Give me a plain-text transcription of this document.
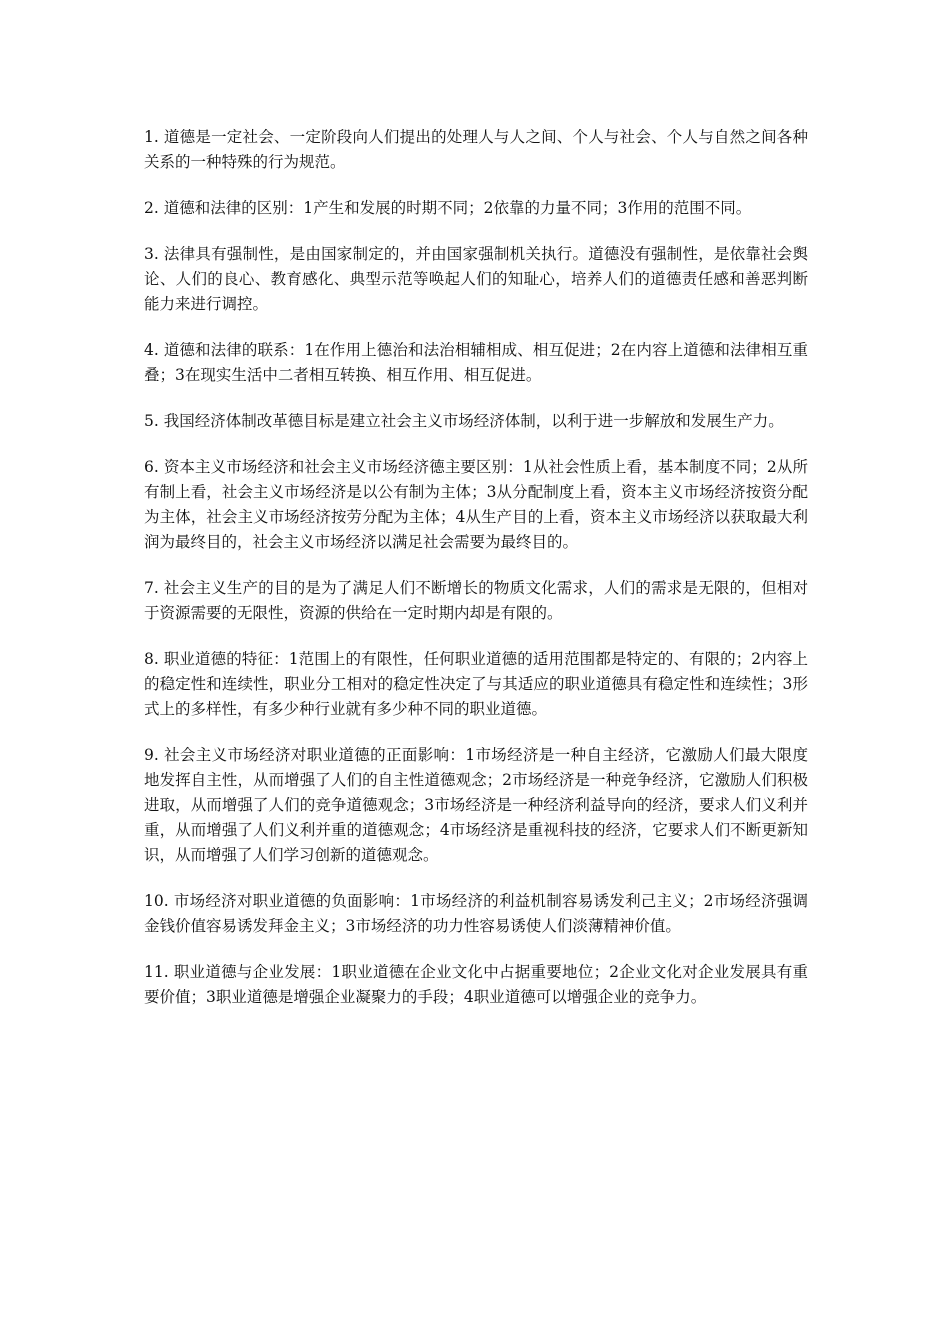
1. 道德是一定社会、一定阶段向人们提出的处理人与人之间、个人与社会、个人与自然之间各种关系的一种特殊的行为规范。

2. 道德和法律的区别：1产生和发展的时期不同；2依靠的力量不同；3作用的范围不同。

3. 法律具有强制性，是由国家制定的，并由国家强制机关执行。道德没有强制性，是依靠社会舆论、人们的良心、教育感化、典型示范等唤起人们的知耻心，培养人们的道德责任感和善恶判断能力来进行调控。

4. 道德和法律的联系：1在作用上德治和法治相辅相成、相互促进；2在内容上道德和法律相互重叠；3在现实生活中二者相互转换、相互作用、相互促进。

5. 我国经济体制改革德目标是建立社会主义市场经济体制，以利于进一步解放和发展生产力。

6. 资本主义市场经济和社会主义市场经济德主要区别：1从社会性质上看，基本制度不同；2从所有制上看，社会主义市场经济是以公有制为主体；3从分配制度上看，资本主义市场经济按资分配为主体，社会主义市场经济按劳分配为主体；4从生产目的上看，资本主义市场经济以获取最大利润为最终目的，社会主义市场经济以满足社会需要为最终目的。

7. 社会主义生产的目的是为了满足人们不断增长的物质文化需求，人们的需求是无限的，但相对于资源需要的无限性，资源的供给在一定时期内却是有限的。

8. 职业道德的特征：1范围上的有限性，任何职业道德的适用范围都是特定的、有限的；2内容上的稳定性和连续性，职业分工相对的稳定性决定了与其适应的职业道德具有稳定性和连续性；3形式上的多样性，有多少种行业就有多少种不同的职业道德。

9. 社会主义市场经济对职业道德的正面影响：1市场经济是一种自主经济，它激励人们最大限度地发挥自主性，从而增强了人们的自主性道德观念；2市场经济是一种竞争经济，它激励人们积极进取，从而增强了人们的竞争道德观念；3市场经济是一种经济利益导向的经济，要求人们义利并重，从而增强了人们义利并重的道德观念；4市场经济是重视科技的经济，它要求人们不断更新知识，从而增强了人们学习创新的道德观念。

10. 市场经济对职业道德的负面影响：1市场经济的利益机制容易诱发利己主义；2市场经济强调金钱价值容易诱发拜金主义；3市场经济的功力性容易诱使人们淡薄精神价值。

11. 职业道德与企业发展：1职业道德在企业文化中占据重要地位；2企业文化对企业发展具有重要价值；3职业道德是增强企业凝聚力的手段；4职业道德可以增强企业的竞争力。
